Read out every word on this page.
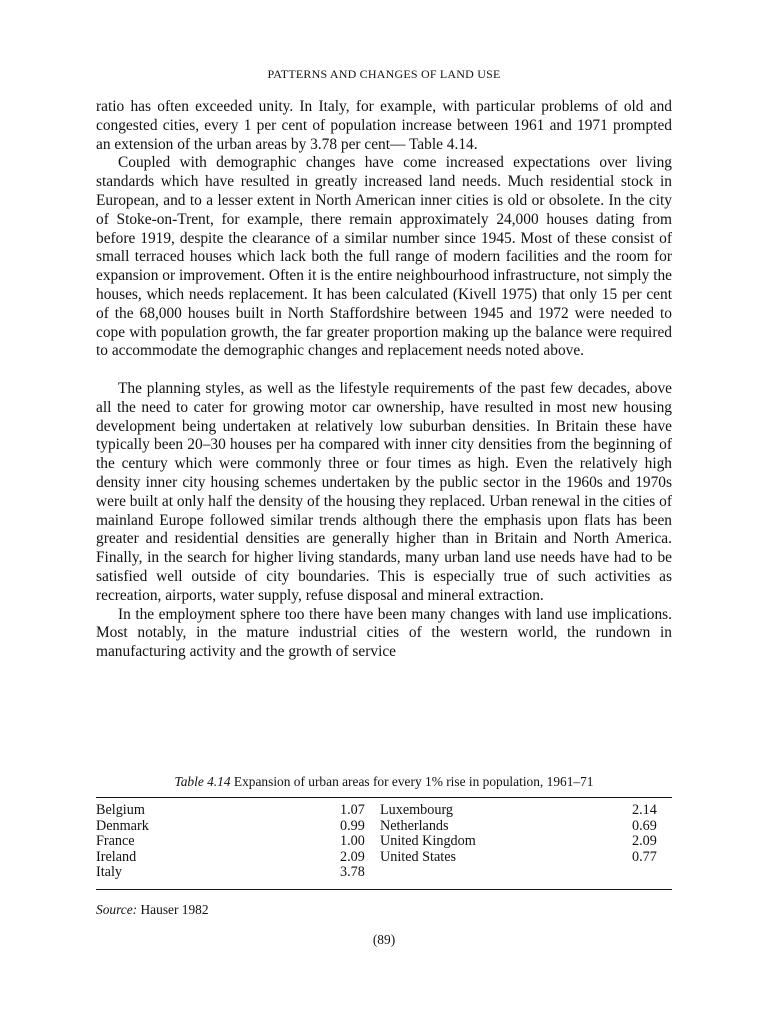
PATTERNS AND CHANGES OF LAND USE

ratio has often exceeded unity. In Italy, for example, with particular problems of old and congested cities, every 1 per cent of population increase between 1961 and 1971 prompted an extension of the urban areas by 3.78 per cent— Table 4.14.

Coupled with demographic changes have come increased expectations over living standards which have resulted in greatly increased land needs. Much residential stock in European, and to a lesser extent in North American inner cities is old or obsolete. In the city of Stoke-on-Trent, for example, there remain approximately 24,000 houses dating from before 1919, despite the clearance of a similar number since 1945. Most of these consist of small terraced houses which lack both the full range of modern facilities and the room for expansion or improvement. Often it is the entire neighbourhood infrastructure, not simply the houses, which needs replacement. It has been calculated (Kivell 1975) that only 15 per cent of the 68,000 houses built in North Staffordshire between 1945 and 1972 were needed to cope with population growth, the far greater proportion making up the balance were required to accommodate the demographic changes and replacement needs noted above.

The planning styles, as well as the lifestyle requirements of the past few decades, above all the need to cater for growing motor car ownership, have resulted in most new housing development being undertaken at relatively low suburban densities. In Britain these have typically been 20–30 houses per ha compared with inner city densities from the beginning of the century which were commonly three or four times as high. Even the relatively high density inner city housing schemes undertaken by the public sector in the 1960s and 1970s were built at only half the density of the housing they replaced. Urban renewal in the cities of mainland Europe followed similar trends although there the emphasis upon flats has been greater and residential densities are generally higher than in Britain and North America. Finally, in the search for higher living standards, many urban land use needs have had to be satisfied well outside of city boundaries. This is especially true of such activities as recreation, airports, water supply, refuse disposal and mineral extraction.

In the employment sphere too there have been many changes with land use implications. Most notably, in the mature industrial cities of the western world, the rundown in manufacturing activity and the growth of service

Table 4.14 Expansion of urban areas for every 1% rise in population, 1961–71
Belgium	1.07	Luxembourg	2.14
Denmark	0.99	Netherlands	0.69
France	1.00	United Kingdom	2.09
Ireland	2.09	United States	0.77
Italy	3.78		
Source: Hauser 1982
(89)
